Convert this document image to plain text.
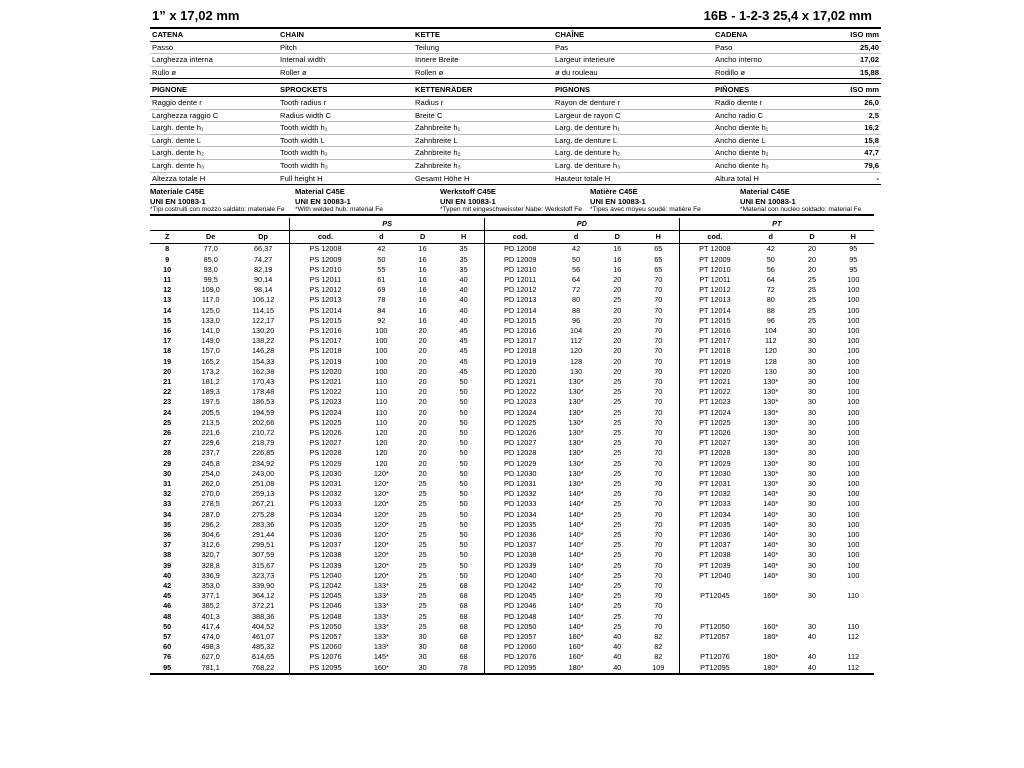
1” x 17,02 mm	16B - 1-2-3 25,4 x 17,02 mm
CATENA	CHAIN	KETTE	CHAÎNE	CADENA		ISO mm
Passo	Pitch	Teilung	Pas	Paso		25,40
Larghezza interna	Internal width	Innere Breite	Largeur interieure	Ancho interno		17,02
Rullo ø	Roller ø	Rollen ø	ø du rouleau	Rodillo ø		15,88
PIGNONE	SPROCKETS	KETTENRÄDER	PIGNONS	PIÑONES		ISO mm
Raggio dente r	Tooth radius r	Radius r	Rayon de denture r	Radio diente r		26,0
Larghezza raggio C	Radius width C	Breite C	Largeur de rayon C	Ancho radio C		2,5
Largh. dente h₁	Tooth width h₁	Zahnbreite h₁	Larg. de denture h₁	Ancho diente h₁		16,2
Largh. dente L	Tooth width L	Zahnbreite L	Larg. de denture L	Ancho diente L		15,8
Largh. dente h₂	Tooth width h₂	Zahnbreite h₂	Larg. de denture h₂	Ancho diente h₂		47,7
Largh. dente h₃	Tooth width h₃	Zahnbreite h₃	Larg. de denture h₃	Ancho diente h₃		79,6
Altezza totale H	Full height H	Gesamt Höhe H	Hauteur totale H	Altura total H		-
Materiale C45E
UNI EN 10083-1
*Tipi costruiti con mozzo saldato: materiale Fe
	Material C45E
UNI EN 10083-1
*With welded hub: material Fe
	Werkstoff C45E
UNI EN 10083-1
*Typen mit eingeschweisster Nabe: Werkstoff Fe
	Matière C45E
UNI EN 10083-1
*Tipes avec moyeu soudé: matière Fe
	Material C45E
UNI EN 10083-1
*Material con nucleo soldado: material Fe
			PS				PD				PT			
Z	De	Dp	cod.	d	D	H	cod.	d	D	H	cod.	d	D	H
8	77,0	66,37	PS 12008	42	16	35	PD 12008	42	16	65	PT 12008	42	20	95
9	85,0	74,27	PS 12009	50	16	35	PD 12009	50	16	65	PT 12009	50	20	95
10	93,0	82,19	PS 12010	55	16	35	PD 12010	56	16	65	PT 12010	56	20	95
11	99,5	90,14	PS 12011	61	16	40	PD 12011	64	20	70	PT 12011	64	25	100
12	109,0	98,14	PS 12012	69	16	40	PD 12012	72	20	70	PT 12012	72	25	100
13	117,0	106,12	PS 12013	78	16	40	PD 12013	80	25	70	PT 12013	80	25	100
14	125,0	114,15	PS 12014	84	16	40	PD 12014	88	20	70	PT 12014	88	25	100
15	133,0	122,17	PS 12015	92	16	40	PD 12015	96	20	70	PT 12015	96	25	100
16	141,0	130,20	PS 12016	100	20	45	PD 12016	104	20	70	PT 12016	104	30	100
17	149,0	138,22	PS 12017	100	20	45	PD 12017	112	20	70	PT 12017	112	30	100
18	157,0	146,28	PS 12018	100	20	45	PD 12018	120	20	70	PT 12018	120	30	100
19	165,2	154,33	PS 12019	100	20	45	PD 12019	128	20	70	PT 12019	128	30	100
20	173,2	162,38	PS 12020	100	20	45	PD 12020	130	20	70	PT 12020	130	30	100
21	181,2	170,43	PS 12021	110	20	50	PD 12021	130*	25	70	PT 12021	130*	30	100
22	189,3	178,48	PS 12022	110	20	50	PD 12022	130*	25	70	PT 12022	130*	30	100
23	197,5	186,53	PS 12023	110	20	50	PD 12023	130*	25	70	PT 12023	130*	30	100
24	205,5	194,59	PS 12024	110	20	50	PD 12024	130*	25	70	PT 12024	130*	30	100
25	213,5	202,66	PS 12025	110	20	50	PD 12025	130*	25	70	PT 12025	130*	30	100
26	221,6	210,72	PS 12026	120	20	50	PD 12026	130*	25	70	PT 12026	130*	30	100
27	229,6	218,79	PS 12027	120	20	50	PD 12027	130*	25	70	PT 12027	130*	30	100
28	237,7	226,85	PS 12028	120	20	50	PD 12028	130*	25	70	PT 12028	130*	30	100
29	245,8	234,92	PS 12029	120	20	50	PD 12029	130*	25	70	PT 12029	130*	30	100
30	254,0	243,00	PS 12030	120*	20	50	PD 12030	130*	25	70	PT 12030	130*	30	100
31	262,0	251,08	PS 12031	120*	25	50	PD 12031	130*	25	70	PT 12031	130*	30	100
32	270,0	259,13	PS 12032	120*	25	50	PD 12032	140*	25	70	PT 12032	140*	30	100
33	278,5	267,21	PS 12033	120*	25	50	PD 12033	140*	25	70	PT 12033	140*	30	100
34	287,0	275,28	PS 12034	120*	25	50	PD 12034	140*	25	70	PT 12034	140*	30	100
35	296,2	283,36	PS 12035	120*	25	50	PD 12035	140*	25	70	PT 12035	140*	30	100
36	304,6	291,44	PS 12036	120*	25	50	PD 12036	140*	25	70	PT 12036	140*	30	100
37	312,6	299,51	PS 12037	120*	25	50	PD 12037	140*	25	70	PT 12037	140*	30	100
38	320,7	307,59	PS 12038	120*	25	50	PD 12038	140*	25	70	PT 12038	140*	30	100
39	328,8	315,67	PS 12039	120*	25	50	PD 12039	140*	25	70	PT 12039	140*	30	100
40	336,9	323,73	PS 12040	120*	25	50	PD 12040	140*	25	70	PT 12040	140*	30	100
42	353,0	339,90	PS 12042	133*	25	68	PD 12042	140*	25	70				
45	377,1	364,12	PS 12045	133*	25	68	PD 12045	140*	25	70	PT12045	160*	30	110
46	385,2	372,21	PS 12046	133*	25	68	PD 12046	140*	25	70				
48	401,3	388,36	PS 12048	133*	25	68	PD 12048	140*	25	70				
50	417,4	404,52	PS 12050	133*	25	68	PD 12050	140*	25	70	PT12050	160*	30	110
57	474,0	461,07	PS 12057	133*	30	68	PD 12057	160*	40	82	PT12057	180*	40	112
60	498,3	485,32	PS 12060	133*	30	68	PD 12060	160*	40	82				
76	627,0	614,65	PS 12076	145*	30	68	PD 12076	160*	40	82	PT12076	180*	40	112
95	781,1	768,22	PS 12095	160*	30	78	PD 12095	180*	40	109	PT12095	180*	40	112
